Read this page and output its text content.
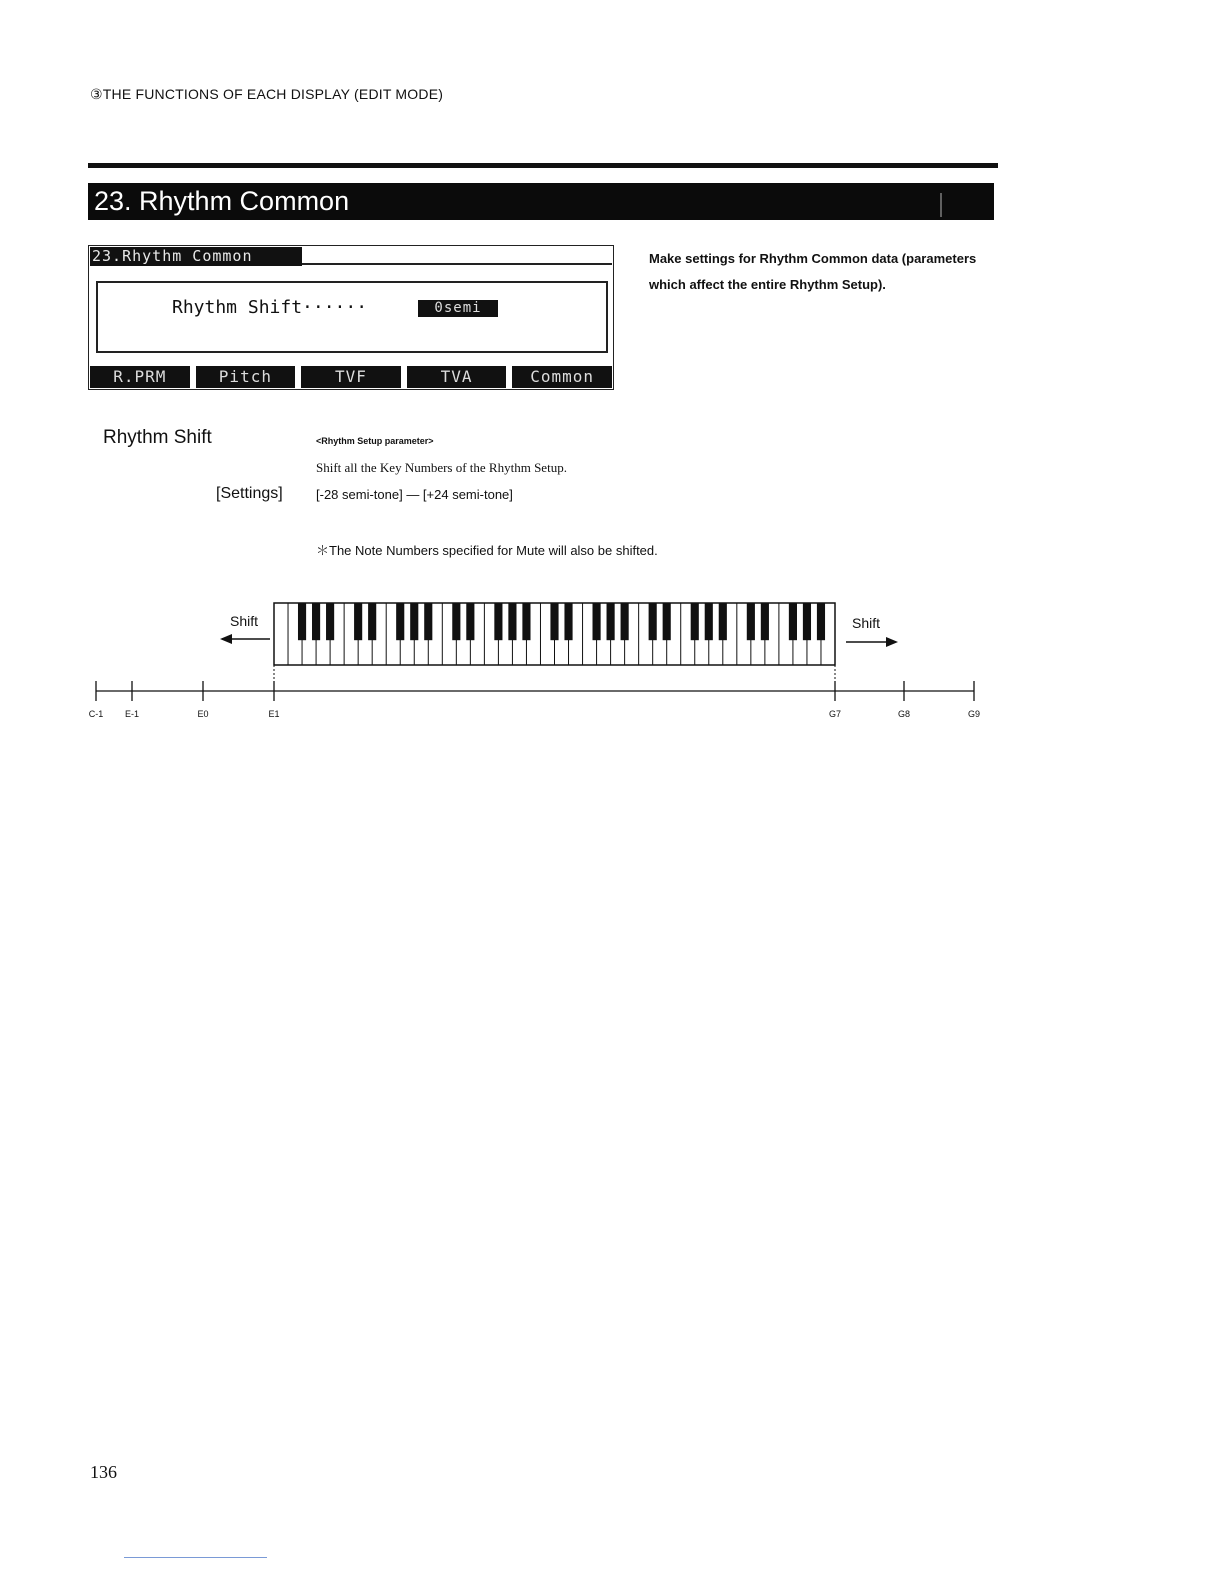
③THE FUNCTIONS OF EACH DISPLAY (EDIT MODE)
23. Rhythm Common
23.Rhythm Common
Rhythm Shift······	0semi
R.PRM	Pitch	TVF	TVA	Common
Make settings for Rhythm Common data (parameters which affect the entire Rhythm Setup).
Rhythm Shift	<Rhythm Setup parameter>
Shift all the Key Numbers of the Rhythm Setup.
[Settings]	[-28 semi-tone] — [+24 semi-tone]
＊The Note Numbers specified for Mute will also be shifted.
Shift	Shift
C-1 E-1	E0	E1	G7	G8	G9
136
